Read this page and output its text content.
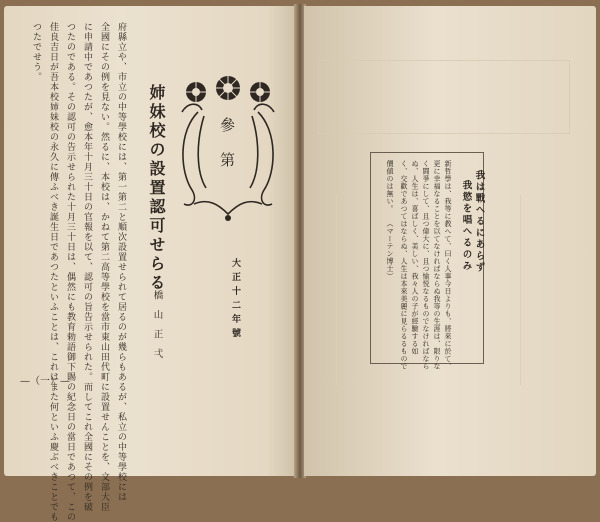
府縣立や、市立の中等學校には、第一第二と順次設置せられて居るのが幾らもあるが、私立の中等學校には
全國にその例を見ない。然るに、本校は、かねて第二高等學校を當市東山田代町に設置せんことを、文部大臣
に申請中であつたが、愈本年十月三十日の官報を以て、認可の旨告示せられた。而してこれ全國にその例を破
つたのである。その認可の告示せられた十月三十日は、偶然にも教育勅語御下賜の紀念日の當日であつて、この
佳良吉日が吾本校姉妹校の永久に傳ふべき誕生日であつたといふことは、これはまた何といふ慶ぶべきことでも
つたでせう。
姉妹校の設置認可せらる
橋山正弌
參
第
大正十二年號
—（一）—
我は戰へるにあらず
我慾を唱へるのみ
新哲學は、我等に教へて、曰く人事今日よりも、將來に於て、
更に幸福なることを以てなければならぬ我等の生涯は、限りな
く闘爭にして、且つ偉大に、且つ愉悦なるものでなければなら
ぬ、人生は、喜ばしく、美しい、我々人の子が經驗する如
く、交歡であつてはならぬ、人生は本來美麗に見らるるもので
價値のは無い。
（マーテン博士）
